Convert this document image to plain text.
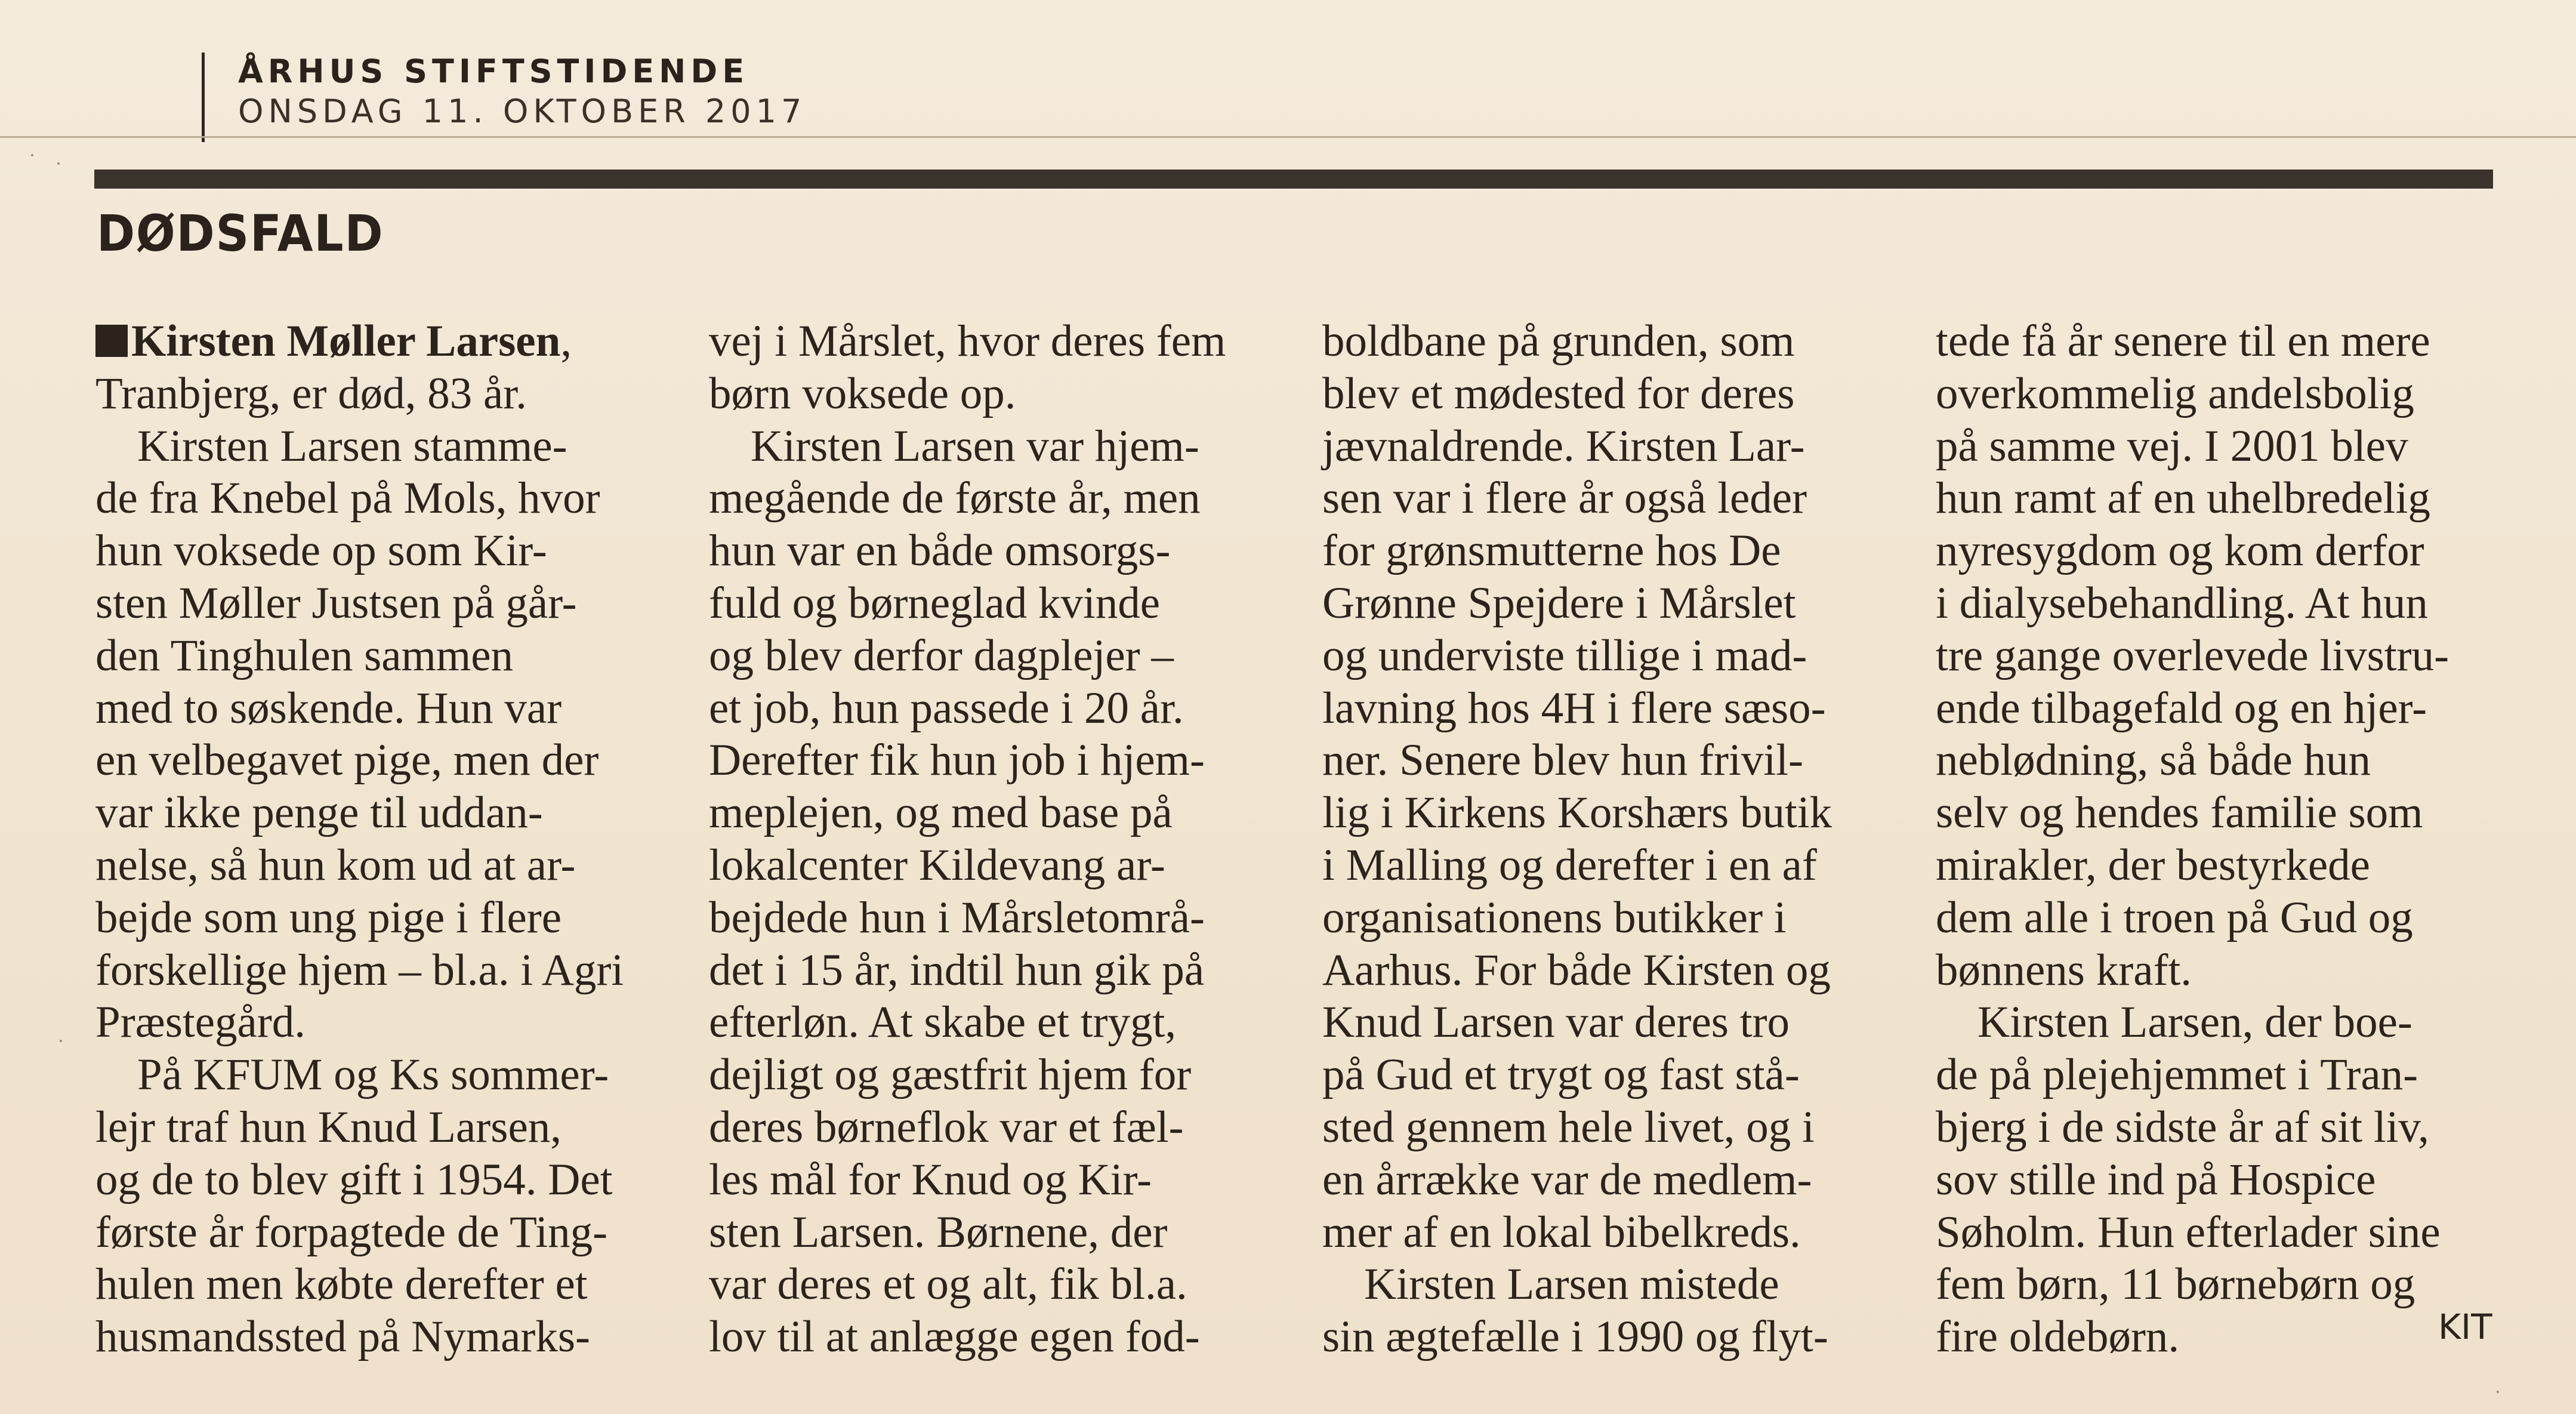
ÅRHUS STIFTSTIDENDE
ONSDAG 11. OKTOBER 2017
DØDSFALD
Kirsten Møller Larsen,
Tranbjerg, er død, 83 år.
Kirsten Larsen stamme-
de fra Knebel på Mols, hvor
hun voksede op som Kir-
sten Møller Justsen på går-
den Tinghulen sammen
med to søskende. Hun var
en velbegavet pige, men der
var ikke penge til uddan-
nelse, så hun kom ud at ar-
bejde som ung pige i flere
forskellige hjem – bl.a. i Agri
Præstegård.
På KFUM og Ks sommer-
lejr traf hun Knud Larsen,
og de to blev gift i 1954. Det
første år forpagtede de Ting-
hulen men købte derefter et
husmandssted på Nymarks-
vej i Mårslet, hvor deres fem
børn voksede op.
Kirsten Larsen var hjem-
megående de første år, men
hun var en både omsorgs-
fuld og børneglad kvinde
og blev derfor dagplejer –
et job, hun passede i 20 år.
Derefter fik hun job i hjem-
meplejen, og med base på
lokalcenter Kildevang ar-
bejdede hun i Mårsletområ-
det i 15 år, indtil hun gik på
efterløn. At skabe et trygt,
dejligt og gæstfrit hjem for
deres børneflok var et fæl-
les mål for Knud og Kir-
sten Larsen. Børnene, der
var deres et og alt, fik bl.a.
lov til at anlægge egen fod-
boldbane på grunden, som
blev et mødested for deres
jævnaldrende. Kirsten Lar-
sen var i flere år også leder
for grønsmutterne hos De
Grønne Spejdere i Mårslet
og underviste tillige i mad-
lavning hos 4H i flere sæso-
ner. Senere blev hun frivil-
lig i Kirkens Korshærs butik
i Malling og derefter i en af
organisationens butikker i
Aarhus. For både Kirsten og
Knud Larsen var deres tro
på Gud et trygt og fast stå-
sted gennem hele livet, og i
en årrække var de medlem-
mer af en lokal bibelkreds.
Kirsten Larsen mistede
sin ægtefælle i 1990 og flyt-
tede få år senere til en mere
overkommelig andelsbolig
på samme vej. I 2001 blev
hun ramt af en uhelbredelig
nyresygdom og kom derfor
i dialysebehandling. At hun
tre gange overlevede livstru-
ende tilbagefald og en hjer-
neblødning, så både hun
selv og hendes familie som
mirakler, der bestyrkede
dem alle i troen på Gud og
bønnens kraft.
Kirsten Larsen, der boe-
de på plejehjemmet i Tran-
bjerg i de sidste år af sit liv,
sov stille ind på Hospice
Søholm. Hun efterlader sine
fem børn, 11 børnebørn og
fire oldebørn.	KIT
